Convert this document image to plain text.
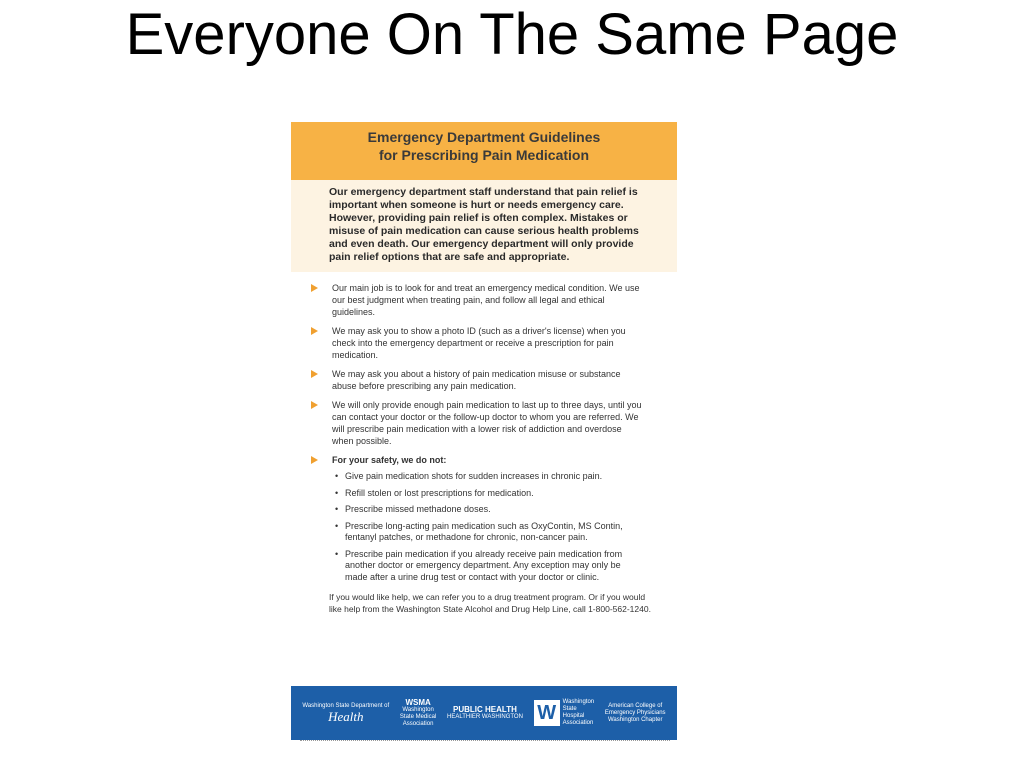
Everyone On The Same Page
Emergency Department Guidelines
for Prescribing Pain Medication
Our emergency department staff understand that pain relief is important when someone is hurt or needs emergency care. However, providing pain relief is often complex. Mistakes or misuse of pain medication can cause serious health problems and even death. Our emergency department will only provide pain relief options that are safe and appropriate.
Our main job is to look for and treat an emergency medical condition. We use our best judgment when treating pain, and follow all legal and ethical guidelines.
We may ask you to show a photo ID (such as a driver's license) when you check into the emergency department or receive a prescription for pain medication.
We may ask you about a history of pain medication misuse or substance abuse before prescribing any pain medication.
We will only provide enough pain medication to last up to three days, until you can contact your doctor or the follow-up doctor to whom you are referred. We will prescribe pain medication with a lower risk of addiction and overdose when possible.
For your safety, we do not:
• Give pain medication shots for sudden increases in chronic pain.
• Refill stolen or lost prescriptions for medication.
• Prescribe missed methadone doses.
• Prescribe long-acting pain medication such as OxyContin, MS Contin, fentanyl patches, or methadone for chronic, non-cancer pain.
• Prescribe pain medication if you already receive pain medication from another doctor or emergency department. Any exception may only be made after a urine drug test or contact with your doctor or clinic.
If you would like help, we can refer you to a drug treatment program. Or if you would like help from the Washington State Alcohol and Drug Help Line, call 1-800-562-1240.
Washington State Department of
Health
WSMA
Washington
State Medical
Association
PUBLIC HEALTH
HEALTHIER WASHINGTON W	Washington
State
Hospital
Association
American College of
Emergency Physicians
Washington Chapter
